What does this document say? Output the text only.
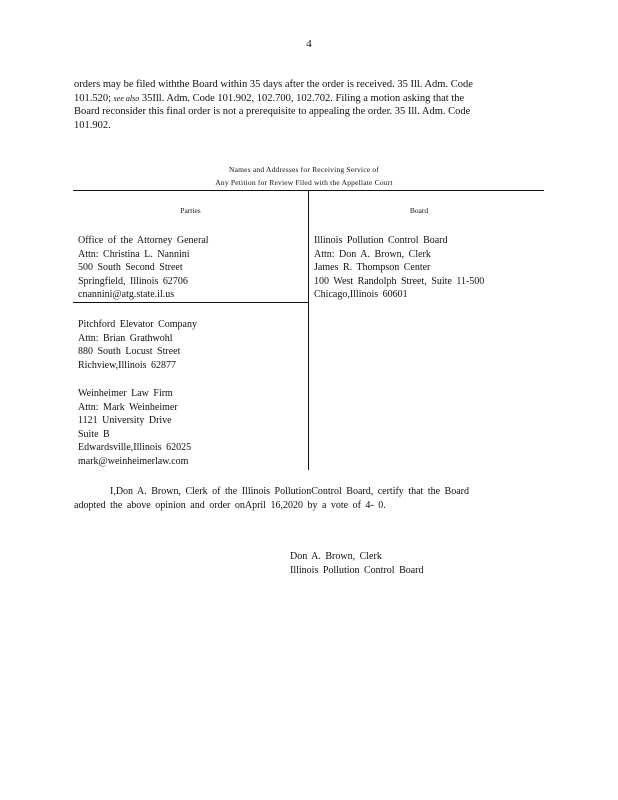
4

orders may be filed withthe Board within 35 days after the order is received. 35 Ill. Adm. Code

101.520; see also 35Ill. Adm. Code 101.902, 102.700, 102.702. Filing a motion asking that the

Board reconsider this final order is not a prerequisite to appealing the order. 35 Ill. Adm. Code

101.902.

Names and Addresses for Receiving Service of
Any Petition for Review Filed with the Appellate Court
Parties	Board
Office of the Attorney General
Attn: Christina L. Nannini
500 South Second Street
Springfield, Illinois 62706
cnannini@atg.state.il.us
Pitchford Elevator Company
Attn: Brian Grathwohl
880 South Locust Street
Richview,Illinois 62877
Weinheimer Law Firm
Attn: Mark Weinheimer
1121 University Drive
Suite B
Edwardsville,Illinois 62025
mark@weinheimerlaw.com
Illinois Pollution Control Board
Attn: Don A. Brown, Clerk
James R. Thompson Center
100 West Randolph Street, Suite 11-500
Chicago,Illinois 60601
I,Don A. Brown, Clerk of the Illinois PollutionControl Board, certify that the Board
adopted the above opinion and order onApril 16,2020 by a vote of 4- 0.
Don A. Brown, Clerk
Illinois Pollution Control Board
